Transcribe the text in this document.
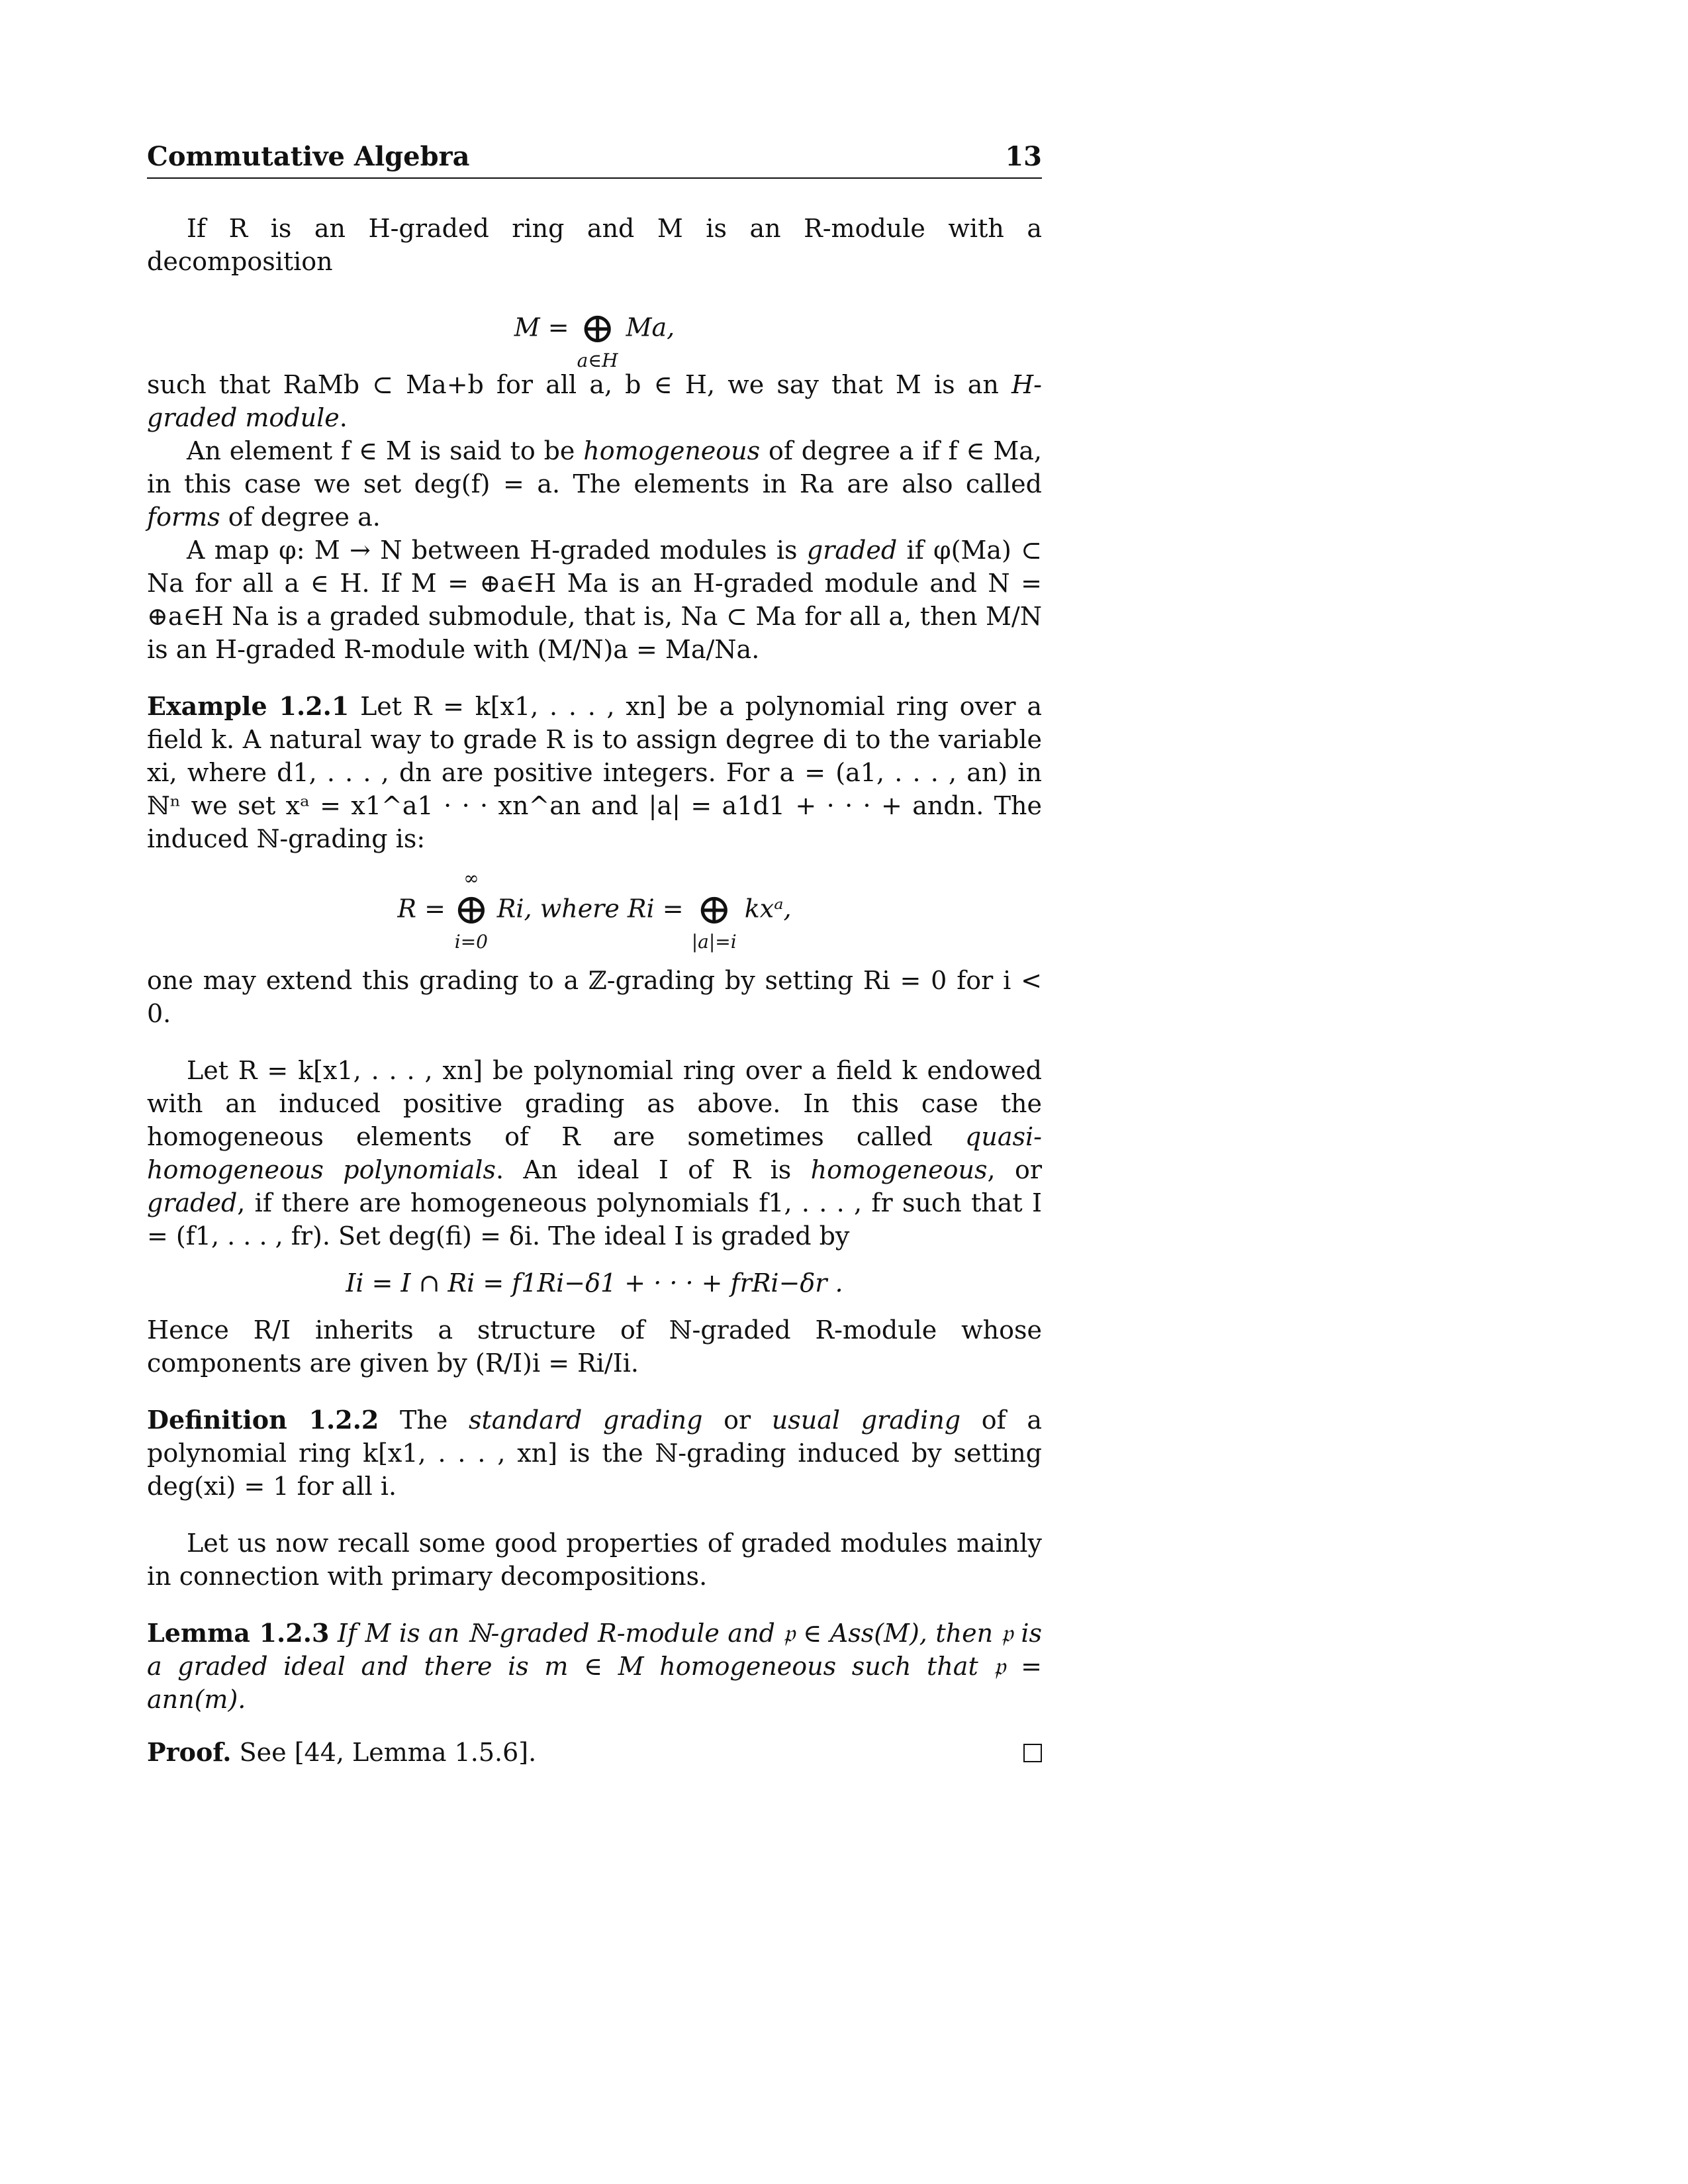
Commutative Algebra	13

If R is an H-graded ring and M is an R-module with a decomposition

M = ⊕
a∈H
Ma,

such that RaMb ⊂ Ma+b for all a, b ∈ H, we say that M is an H-graded module.

An element f ∈ M is said to be homogeneous of degree a if f ∈ Ma, in this case we set deg(f) = a. The elements in Ra are also called forms of degree a.

A map φ: M → N between H-graded modules is graded if φ(Ma) ⊂ Na for all a ∈ H. If M = ⊕a∈H Ma is an H-graded module and N = ⊕a∈H Na is a graded submodule, that is, Na ⊂ Ma for all a, then M/N is an H-graded R-module with (M/N)a = Ma/Na.

Example 1.2.1 Let R = k[x1, . . . , xn] be a polynomial ring over a field k. A natural way to grade R is to assign degree di to the variable xi, where d1, . . . , dn are positive integers. For a = (a1, . . . , an) in ℕⁿ we set xᵃ = x1^a1 · · · xn^an and |a| = a1d1 + · · · + andn. The induced ℕ-grading is:

R =
∞
⊕
i=0
Ri, where Ri = ⊕
|a|=i
kxᵃ,

one may extend this grading to a ℤ-grading by setting Ri = 0 for i < 0.

Let R = k[x1, . . . , xn] be polynomial ring over a field k endowed with an induced positive grading as above. In this case the homogeneous elements of R are sometimes called quasi-homogeneous polynomials. An ideal I of R is homogeneous, or graded, if there are homogeneous polynomials f1, . . . , fr such that I = (f1, . . . , fr). Set deg(fi) = δi. The ideal I is graded by

Ii = I ∩ Ri = f1Ri−δ1 + · · · + frRi−δr .

Hence R/I inherits a structure of ℕ-graded R-module whose components are given by (R/I)i = Ri/Ii.

Definition 1.2.2 The standard grading or usual grading of a polynomial ring k[x1, . . . , xn] is the ℕ-grading induced by setting deg(xi) = 1 for all i.

Let us now recall some good properties of graded modules mainly in connection with primary decompositions.

Lemma 1.2.3 If M is an ℕ-graded R-module and 𝔭 ∈ Ass(M), then 𝔭 is a graded ideal and there is m ∈ M homogeneous such that 𝔭 = ann(m).

Proof. See [44, Lemma 1.5.6].
